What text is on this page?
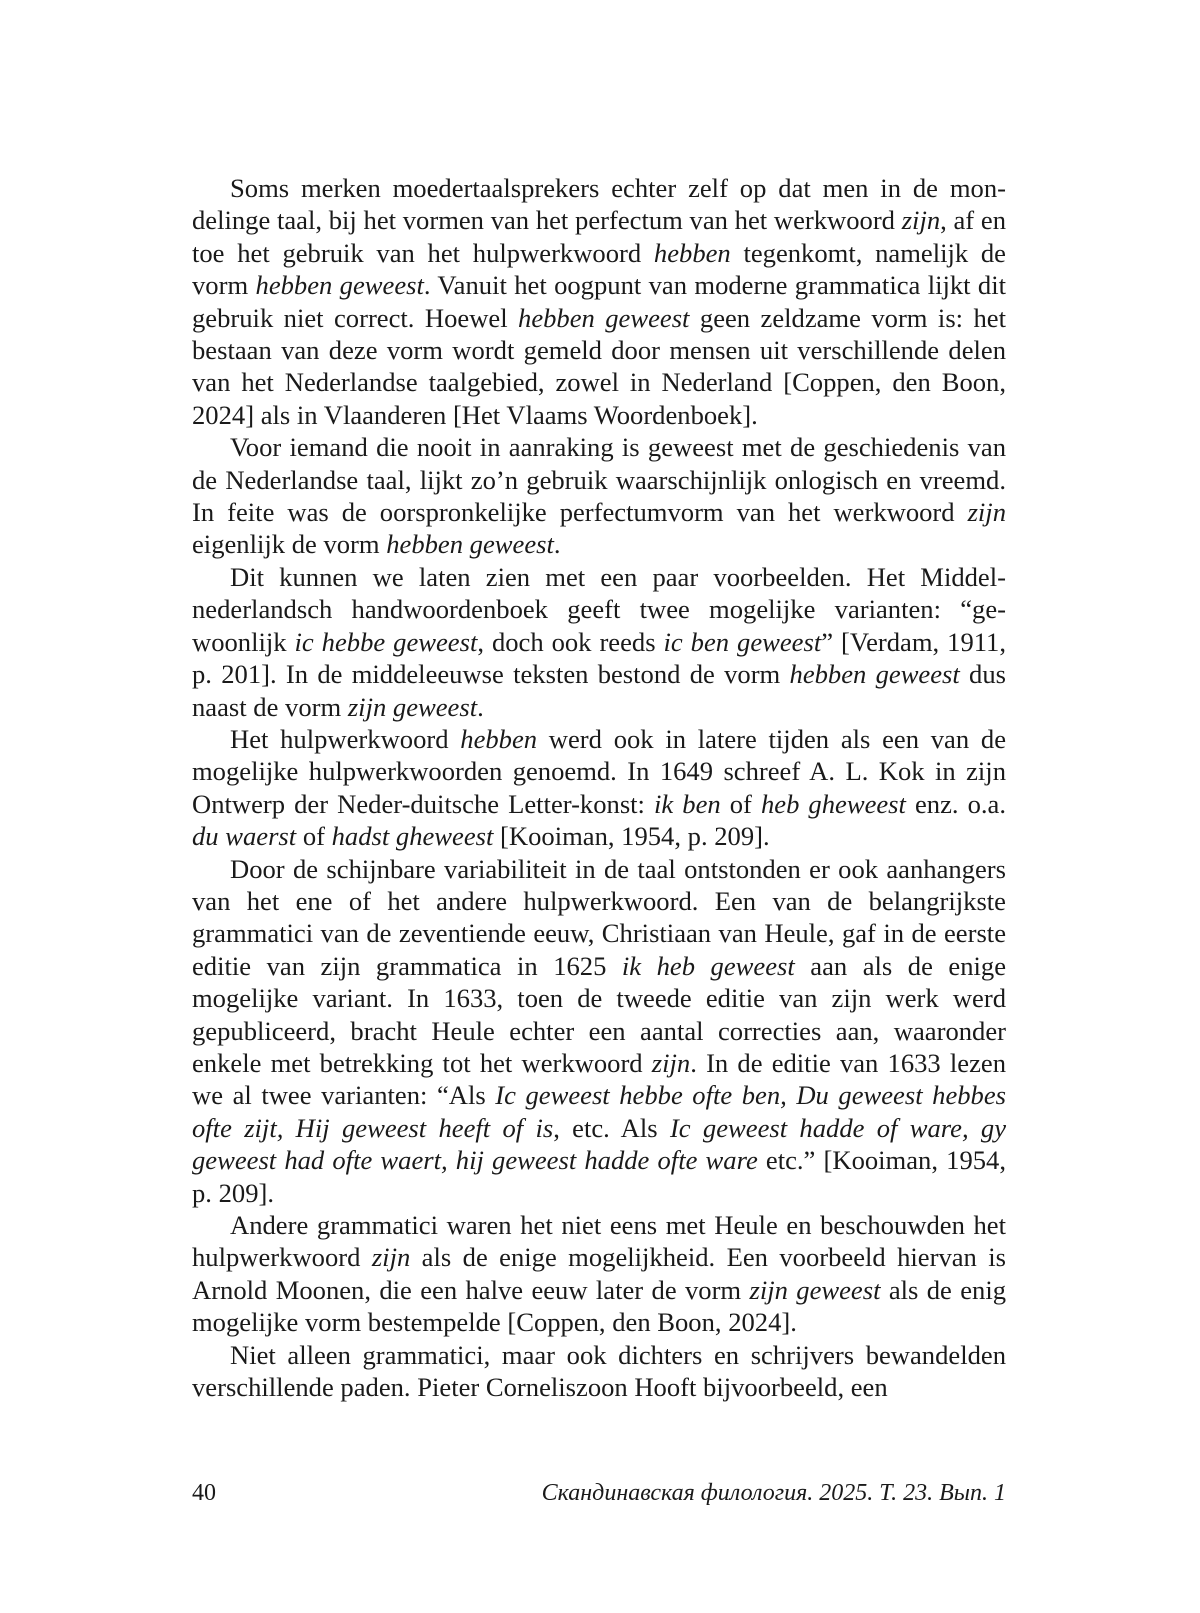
Soms merken moedertaalsprekers echter zelf op dat men in de mondelinge taal, bij het vormen van het perfectum van het werkwoord zijn, af en toe het gebruik van het hulpwerkwoord hebben tegenkomt, namelijk de vorm hebben geweest. Vanuit het oogpunt van moderne grammatica lijkt dit gebruik niet correct. Hoewel hebben geweest geen zeldzame vorm is: het bestaan van deze vorm wordt gemeld door mensen uit verschillende delen van het Nederlandse taalgebied, zowel in Nederland [Coppen, den Boon, 2024] als in Vlaanderen [Het Vlaams Woordenboek].

Voor iemand die nooit in aanraking is geweest met de geschiedenis van de Nederlandse taal, lijkt zo’n gebruik waarschijnlijk onlogisch en vreemd. In feite was de oorspronkelijke perfectumvorm van het werkwoord zijn eigenlijk de vorm hebben geweest.

Dit kunnen we laten zien met een paar voorbeelden. Het Middelnederlandsch handwoordenboek geeft twee mogelijke varianten: “gewoonlijk ic hebbe geweest, doch ook reeds ic ben geweest” [Verdam, 1911, p. 201]. In de middeleeuwse teksten bestond de vorm hebben geweest dus naast de vorm zijn geweest.

Het hulpwerkwoord hebben werd ook in latere tijden als een van de mogelijke hulpwerkwoorden genoemd. In 1649 schreef A. L. Kok in zijn Ontwerp der Neder-duitsche Letter-konst: ik ben of heb gheweest enz. o.a. du waerst of hadst gheweest [Kooiman, 1954, p. 209].

Door de schijnbare variabiliteit in de taal ontstonden er ook aanhangers van het ene of het andere hulpwerkwoord. Een van de belangrijkste grammatici van de zeventiende eeuw, Christiaan van Heule, gaf in de eerste editie van zijn grammatica in 1625 ik heb geweest aan als de enige mogelijke variant. In 1633, toen de tweede editie van zijn werk werd gepubliceerd, bracht Heule echter een aantal correcties aan, waaronder enkele met betrekking tot het werkwoord zijn. In de editie van 1633 lezen we al twee varianten: “Als Ic geweest hebbe ofte ben, Du geweest hebbes ofte zijt, Hij geweest heeft of is, etc. Als Ic geweest hadde of ware, gy geweest had ofte waert, hij geweest hadde ofte ware etc.” [Kooiman, 1954, p. 209].

Andere grammatici waren het niet eens met Heule en beschouwden het hulpwerkwoord zijn als de enige mogelijkheid. Een voorbeeld hiervan is Arnold Moonen, die een halve eeuw later de vorm zijn geweest als de enig mogelijke vorm bestempelde [Coppen, den Boon, 2024].

Niet alleen grammatici, maar ook dichters en schrijvers bewandelden verschillende paden. Pieter Corneliszoon Hooft bijvoorbeeld, een

40	Скандинавская филология. 2025. Т. 23. Вып. 1
